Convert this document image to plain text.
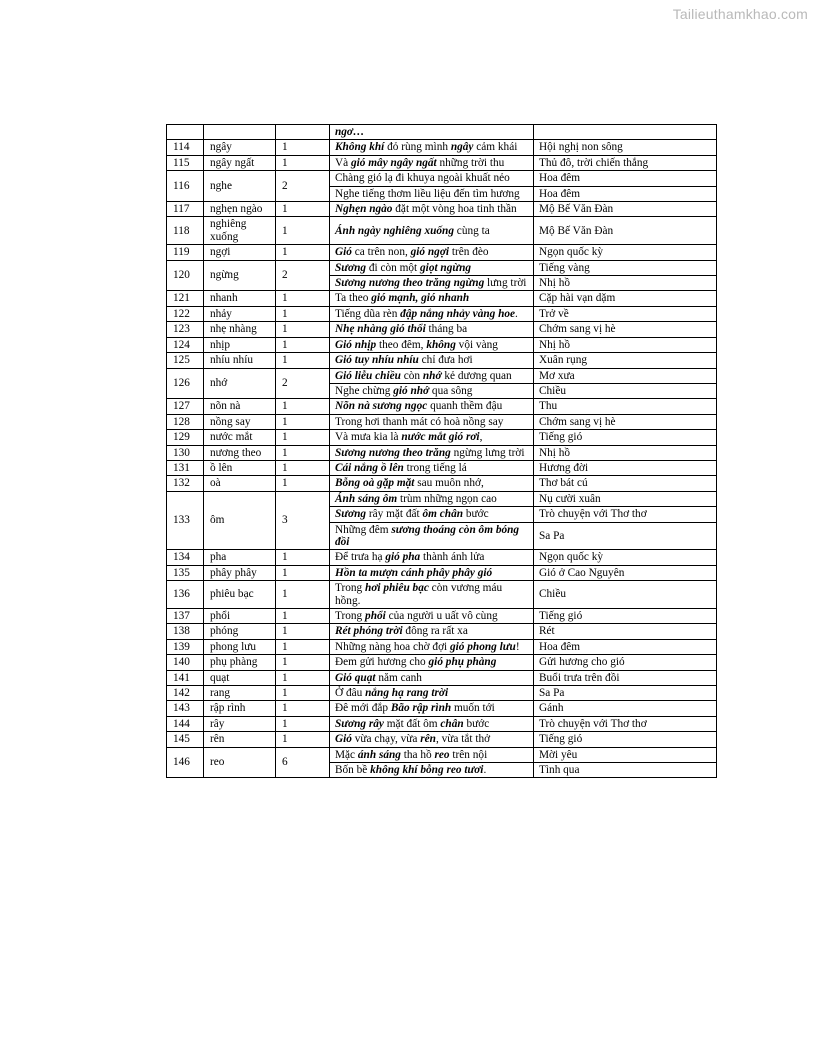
Tailieuthamkhao.com
			ngơ…	
114	ngây	1	Không khí đỏ rùng mình ngây cảm khái	Hội nghị non sông
115	ngây ngất	1	Và gió mây ngây ngất những trời thu	Thủ đô, trời chiến thắng
116	nghe	2	Chàng gió lạ đi khuya ngoài khuất nẻo	Hoa đêm
			Nghe tiếng thơm liều liệu đến tìm hương	Hoa đêm
117	nghẹn ngào	1	Nghẹn ngào đặt một vòng hoa tinh thần	Mộ Bế Văn Đàn
118	nghiêng xuống	1	Ánh ngày nghiêng xuống cùng ta	Mộ Bế Văn Đàn
119	ngợi	1	Gió ca trên non, gió ngợi trên đèo	Ngọn quốc kỳ
120	ngừng	2	Sương đi còn một giọt ngừng	Tiếng vàng
			Sương nương theo trăng ngừng lưng trời	Nhị hồ
121	nhanh	1	Ta theo gió mạnh, gió nhanh	Cặp hài vạn dặm
122	nhảy	1	Tiếng dũa rèn đập nắng nhảy vàng hoe.	Trở về
123	nhẹ nhàng	1	Nhẹ nhàng gió thổi tháng ba	Chớm sang vị hè
124	nhịp	1	Gió nhịp theo đêm, không vội vàng	Nhị hồ
125	nhíu nhíu	1	Gió tuy nhíu nhíu chỉ đưa hơi	Xuân rụng
126	nhớ	2	Gió liễu chiều còn nhớ kẻ dương quan	Mơ xưa
			Nghe chừng gió nhớ qua sông	Chiều
127	nõn nà	1	Nõn nà sương ngọc quanh thềm đậu	Thu
128	nồng say	1	Trong hơi thanh mát có hoà nồng say	Chớm sang vị hè
129	nước mắt	1	Và mưa kia là nước mắt gió rơi,	Tiếng gió
130	nương theo	1	Sương nương theo trăng ngừng lưng trời	Nhị hồ
131	ồ lên	1	Cái nắng ồ lên trong tiếng lá	Hương đời
132	oà	1	Bỗng oà gặp mặt sau muôn nhớ,	Thơ bát cú
133	ôm	3	Ánh sáng ôm trùm những ngọn cao	Nụ cười xuân
			Sương rây mặt đất ôm chân bước	Trò chuyện với Thơ thơ
			Những đêm sương thoáng còn ôm bóng đồi	Sa Pa
134	pha	1	Để trưa hạ gió pha thành ánh lửa	Ngọn quốc kỳ
135	phây phây	1	Hồn ta mượn cánh phây phây gió	Gió ở Cao Nguyên
136	phiêu bạc	1	Trong hơi phiêu bạc còn vương máu hồng.	Chiều
137	phổi	1	Trong phổi của người u uất vô cùng	Tiếng gió
138	phóng	1	Rét phóng trời đông ra rất xa	Rét
139	phong lưu	1	Những nàng hoa chờ đợi gió phong lưu!	Hoa đêm
140	phụ phàng	1	Đem gửi hương cho gió phụ phàng	Gửi hương cho gió
141	quạt	1	Gió quạt năm canh	Buổi trưa trên đồi
142	rang	1	Ở đâu nắng hạ rang trời	Sa Pa
143	rập rình	1	Đê mới đắp Bão rập rình muốn tới	Gánh
144	rây	1	Sương rây mặt đất ôm chân bước	Trò chuyện với Thơ thơ
145	rên	1	Gió vừa chạy, vừa rên, vừa tắt thở	Tiếng gió
146	reo	6	Mặc ánh sáng tha hồ reo trên nội	Mời yêu
			Bốn bề không khí bỗng reo tươi.	Tình qua
